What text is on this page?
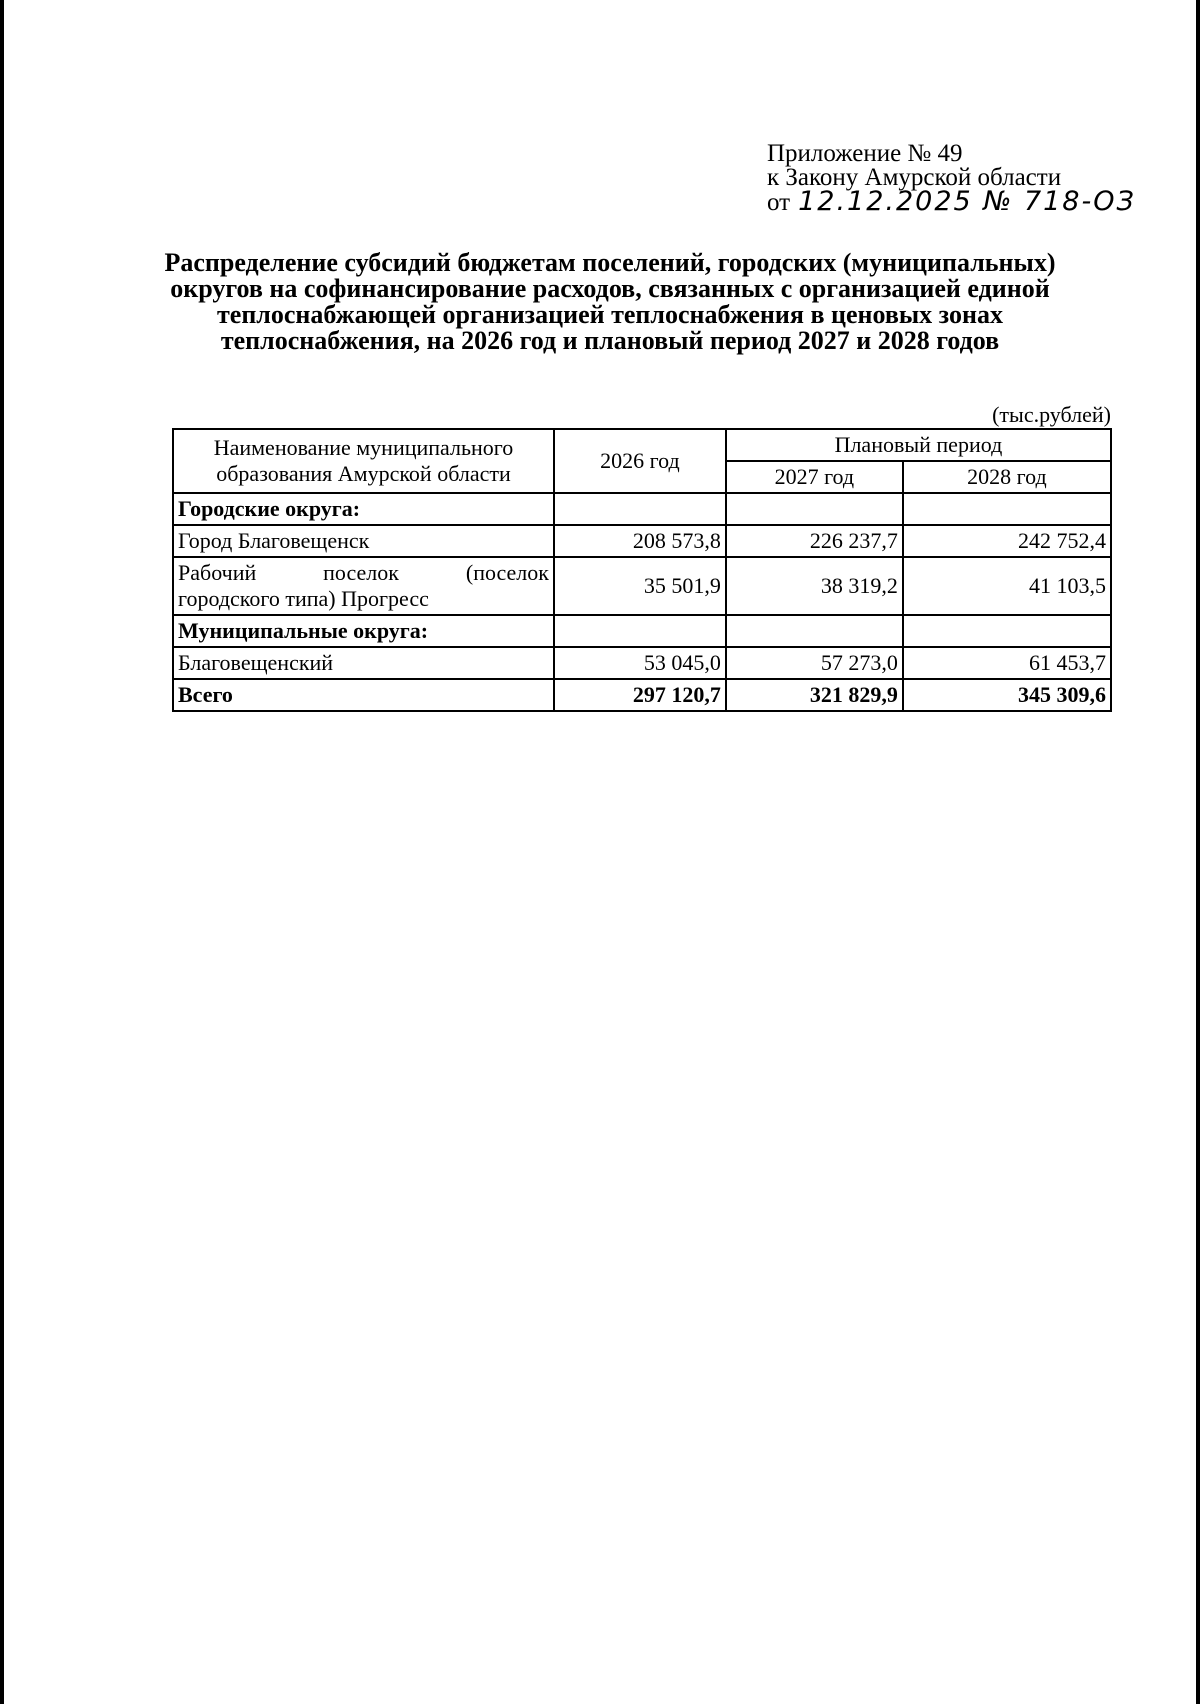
Приложение № 49
к Закону Амурской области
от 12.12.2025 № 718-ОЗ
Распределение субсидий бюджетам поселений, городских (муниципальных) округов на софинансирование расходов, связанных с организацией единой теплоснабжающей организацией теплоснабжения в ценовых зонах теплоснабжения, на 2026 год и плановый период 2027 и 2028 годов
(тыс.рублей)
Наименование муниципального образования Амурской области	2026 год	Плановый период	
		2027 год	2028 год
Городские округа:			
Город Благовещенск	208 573,8	226 237,7	242 752,4

Рабочий поселок (поселок
городского типа) Прогресс	35 501,9	38 319,2	41 103,5
Муниципальные округа:			
Благовещенский	53 045,0	57 273,0	61 453,7
Всего	297 120,7	321 829,9	345 309,6
